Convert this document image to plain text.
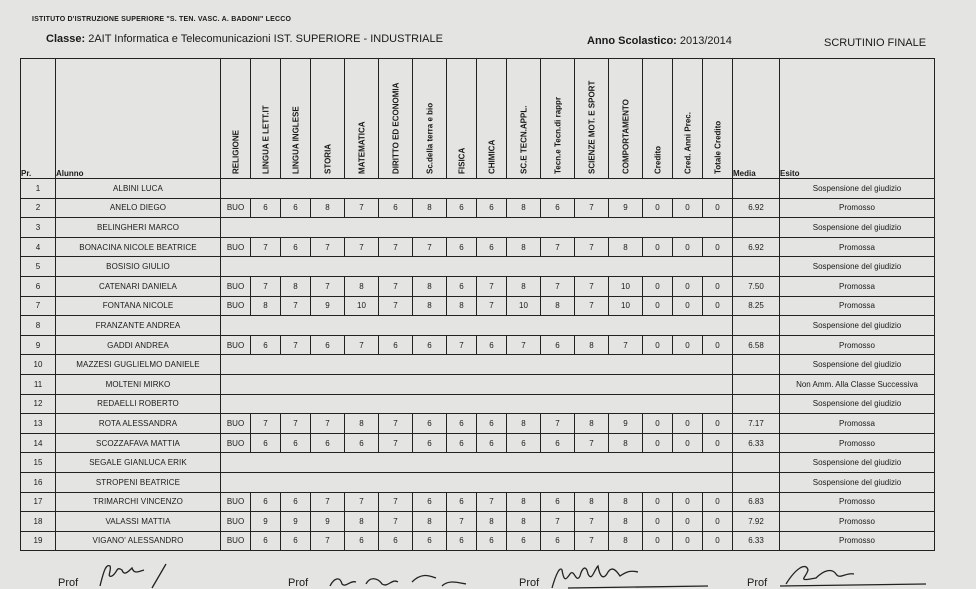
ISTITUTO D'ISTRUZIONE SUPERIORE "S. TEN. VASC. A. BADONI" LECCO
Classe: 2AIT Informatica e Telecomunicazioni IST. SUPERIORE - INDUSTRIALE	Anno Scolastico: 2013/2014	SCRUTINIO FINALE
Pr.	Alunno	RELIGIONE	LINGUA E LETT.IT	LINGUA INGLESE	STORIA	MATEMATICA	DIRITTO ED ECONOMIA	Sc.della terra e bio	FISICA	CHIMICA	SC.E TECN.APPL.	Tecn.e Tecn.di rappr	SCIENZE MOT. E SPORT	COMPORTAMENTO	Credito	Cred. Anni Prec.	Totale Credito	Media	Esito
1	ALBINI LUCA																		Sospensione del giudizio
2	ANELO DIEGO	BUO	6	6	8	7	6	8	6	6	8	6	7	9	0	0	0	6.92	Promosso
3	BELINGHERI MARCO																		Sospensione del giudizio
4	BONACINA NICOLE BEATRICE	BUO	7	6	7	7	7	7	6	6	8	7	7	8	0	0	0	6.92	Promossa
5	BOSISIO GIULIO																		Sospensione del giudizio
6	CATENARI DANIELA	BUO	7	8	7	8	7	8	6	7	8	7	7	10	0	0	0	7.50	Promossa
7	FONTANA NICOLE	BUO	8	7	9	10	7	8	8	7	10	8	7	10	0	0	0	8.25	Promossa
8	FRANZANTE ANDREA																		Sospensione del giudizio
9	GADDI ANDREA	BUO	6	7	6	7	6	6	7	6	7	6	8	7	0	0	0	6.58	Promosso
10	MAZZESI GUGLIELMO DANIELE																		Sospensione del giudizio
11	MOLTENI MIRKO																		Non Amm. Alla Classe Successiva
12	REDAELLI ROBERTO																		Sospensione del giudizio
13	ROTA ALESSANDRA	BUO	7	7	7	8	7	6	6	6	8	7	8	9	0	0	0	7.17	Promossa
14	SCOZZAFAVA MATTIA	BUO	6	6	6	6	7	6	6	6	6	6	7	8	0	0	0	6.33	Promosso
15	SEGALE GIANLUCA ERIK																		Sospensione del giudizio
16	STROPENI BEATRICE																		Sospensione del giudizio
17	TRIMARCHI VINCENZO	BUO	6	6	7	7	7	6	6	7	8	6	8	8	0	0	0	6.83	Promosso
18	VALASSI MATTIA	BUO	9	9	9	8	7	8	7	8	8	7	7	8	0	0	0	7.92	Promosso
19	VIGANO' ALESSANDRO	BUO	6	6	7	6	6	6	6	6	6	6	7	8	0	0	0	6.33	Promosso
Prof	Prof	Prof	Prof
